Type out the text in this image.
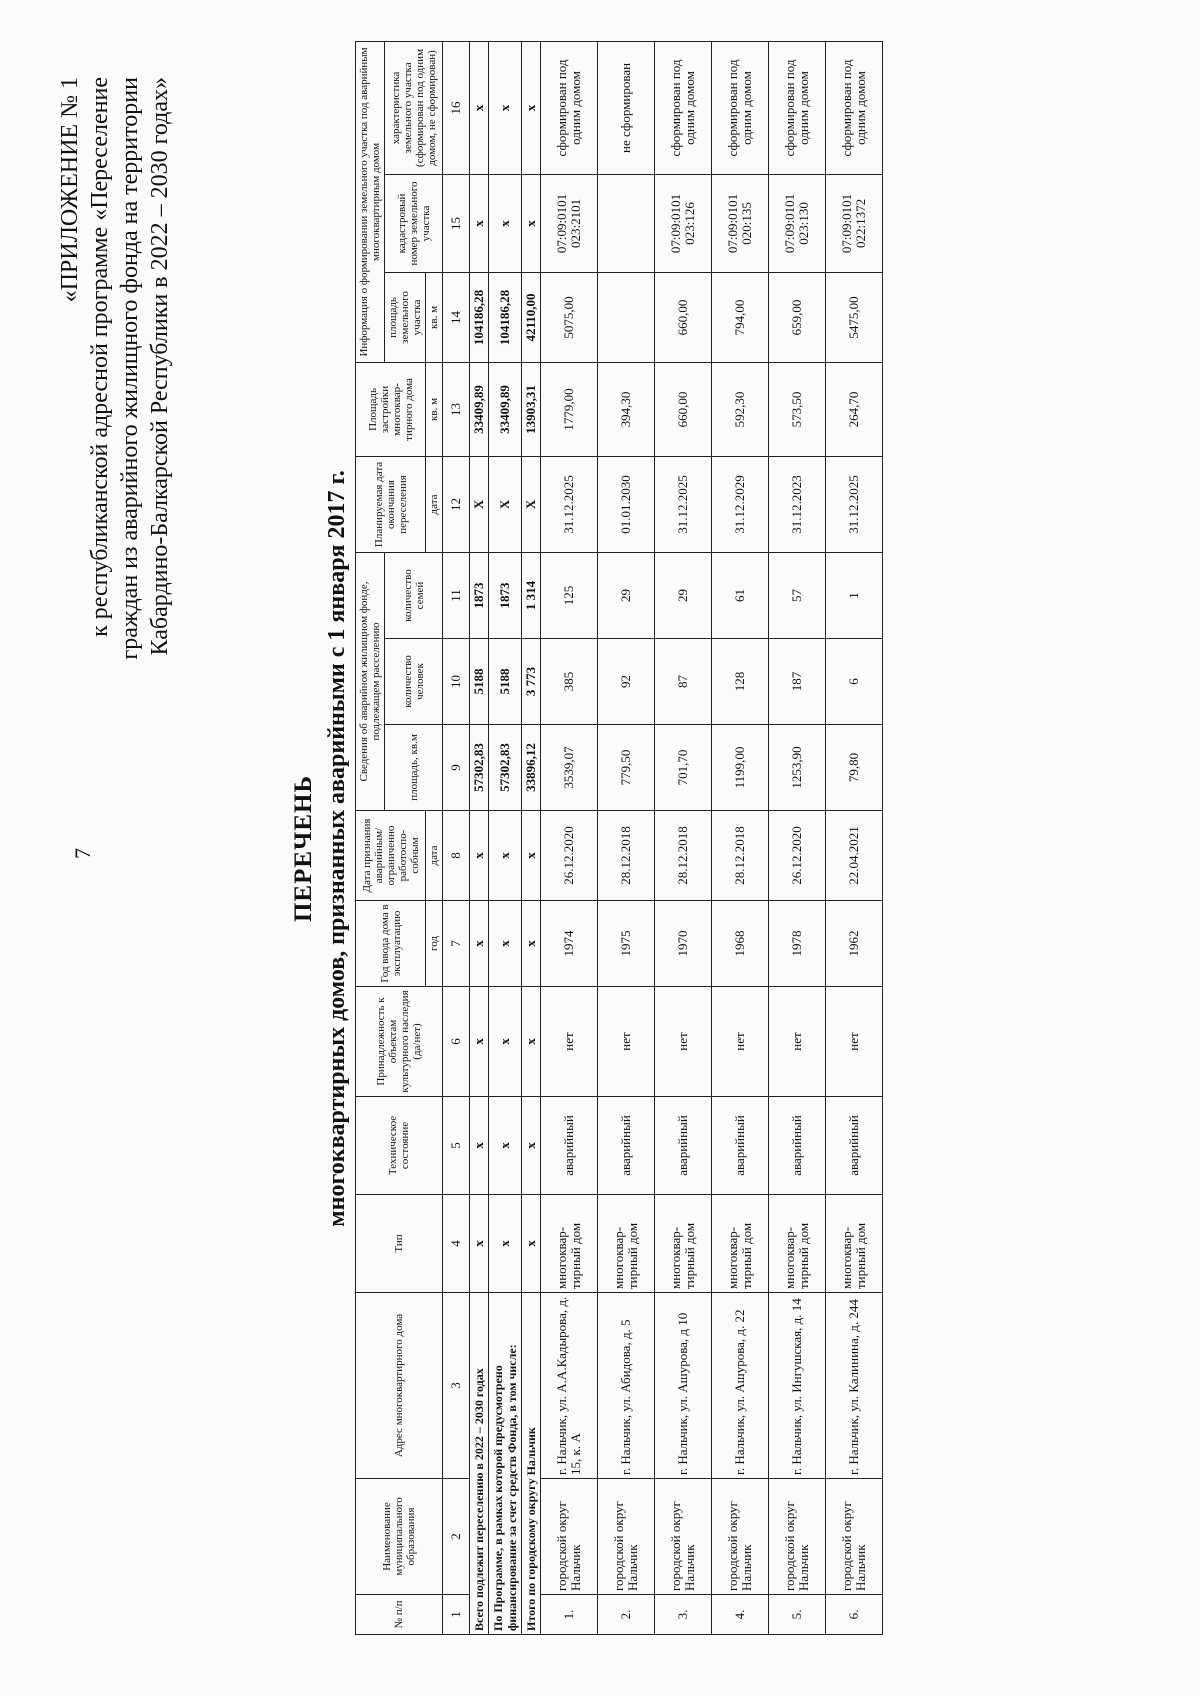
7
«ПРИЛОЖЕНИЕ № 1 к республиканской адресной программе «Переселение граждан из аварийного жилищного фонда на территории Кабардино-Балкарской Республики в 2022 – 2030 годах»
ПЕРЕЧЕНЬ многоквартирных домов, признанных аварийными с 1 января 2017 г.
№ п/п	Наименование муниципального образования	Адрес многоквартирного дома	Тип	Техническое состояние	Принадлежность к объектам культурного наследия (да/нет)	Год ввода дома в эксплуатацию	Дата признания аварийным/ ограниченно работоспо-собным	Сведения об аварийном жилищном фонде, подлежащем расселению			Планируемая дата окончания переселения	Площадь застройки многоквар-тирного дома	Информация о формировании земельного участка под аварийным многоквартирным домом		
								площадь, кв.м	количество человек	количество семей			площадь земельного участка	кадастровый номер земельного участка	характеристика земельного участка (сформирован под одним домом, не сформирован)
						год	дата				дата	кв. м	кв. м		
1	2	3	4	5	6	7	8	9	10	11	12	13	14	15	16
Всего подлежит переселению в 2022 – 2030 годах			х	х	х	х	х	57302,83	5188	1873	Х	33409,89	104186,28	х	х
По Программе, в рамках которой предусмотрено финансирование за счет средств Фонда, в том числе:			х	х	х	х	х	57302,83	5188	1873	Х	33409,89	104186,28	х	х
Итого по городскому округу Нальчик			х	х	х	х	х	33896,12	3 773	1 314	Х	13903,31	42110,00	х	х
1.	городской округ Нальчик	г. Нальчик, ул. А.А.Кадырова, д. 15, к. А	многоквар-тирный дом	аварийный	нет	1974	26.12.2020	3539,07	385	125	31.12.2025	1779,00	5075,00	07:09:0101 023:2101	сформирован под одним домом
2.	городской округ Нальчик	г. Нальчик, ул. Абидова, д. 5	многоквар-тирный дом	аварийный	нет	1975	28.12.2018	779,50	92	29	01.01.2030	394,30			не сформирован
3.	городской округ Нальчик	г. Нальчик, ул. Ашурова, д 10	многоквар-тирный дом	аварийный	нет	1970	28.12.2018	701,70	87	29	31.12.2025	660,00	660,00	07:09:0101 023:126	сформирован под одним домом
4.	городской округ Нальчик	г. Нальчик, ул. Ашурова, д. 22	многоквар-тирный дом	аварийный	нет	1968	28.12.2018	1199,00	128	61	31.12.2029	592,30	794,00	07:09:0101 020:135	сформирован под одним домом
5.	городской округ Нальчик	г. Нальчик, ул. Ингушская, д. 14	многоквар-тирный дом	аварийный	нет	1978	26.12.2020	1253,90	187	57	31.12.2023	573,50	659,00	07:09:0101 023:130	сформирован под одним домом
6.	городской округ Нальчик	г. Нальчик, ул. Калинина, д. 244	многоквар-тирный дом	аварийный	нет	1962	22.04.2021	79,80	6	1	31.12.2025	264,70	5475,00	07:09:0101 022:1372	сформирован под одним домом
